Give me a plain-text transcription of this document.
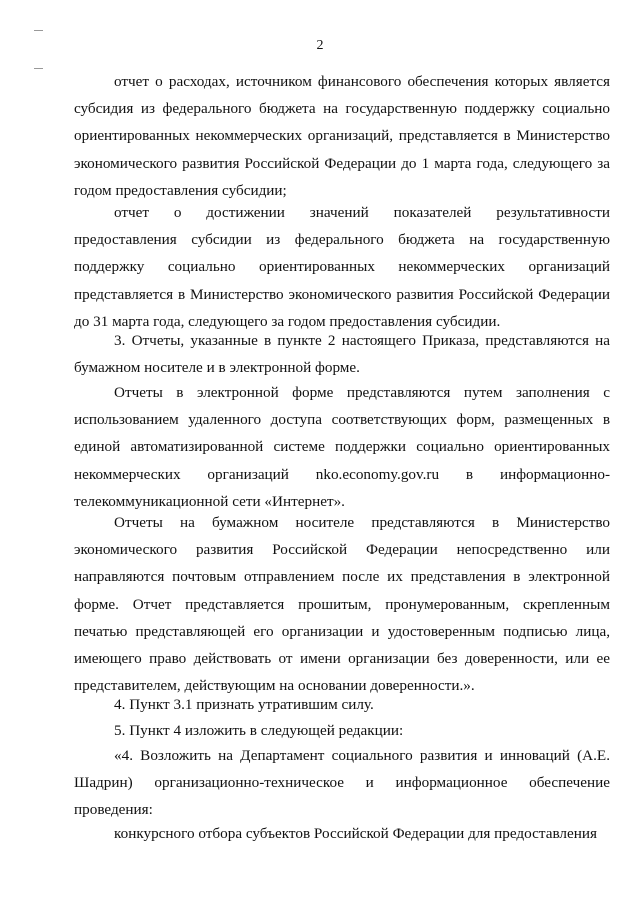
2

отчет о расходах, источником финансового обеспечения которых является субсидия из федерального бюджета на государственную поддержку социально ориентированных некоммерческих организаций, представляется в Министерство экономического развития Российской Федерации до 1 марта года, следующего за годом предоставления субсидии;

отчет о достижении значений показателей результативности предоставления субсидии из федерального бюджета на государственную поддержку социально ориентированных некоммерческих организаций представляется в Министерство экономического развития Российской Федерации до 31 марта года, следующего за годом предоставления субсидии.

3. Отчеты, указанные в пункте 2 настоящего Приказа, представляются на бумажном носителе и в электронной форме.

Отчеты в электронной форме представляются путем заполнения с использованием удаленного доступа соответствующих форм, размещенных в единой автоматизированной системе поддержки социально ориентированных некоммерческих организаций nko.economy.gov.ru в информационно-телекоммуникационной сети «Интернет».

Отчеты на бумажном носителе представляются в Министерство экономического развития Российской Федерации непосредственно или направляются почтовым отправлением после их представления в электронной форме. Отчет представляется прошитым, пронумерованным, скрепленным печатью представляющей его организации и удостоверенным подписью лица, имеющего право действовать от имени организации без доверенности, или ее представителем, действующим на основании доверенности.».

4. Пункт 3.1 признать утратившим силу.

5. Пункт 4 изложить в следующей редакции:

«4. Возложить на Департамент социального развития и инноваций (А.Е. Шадрин) организационно-техническое и информационное обеспечение проведения:

конкурсного отбора субъектов Российской Федерации для предоставления
